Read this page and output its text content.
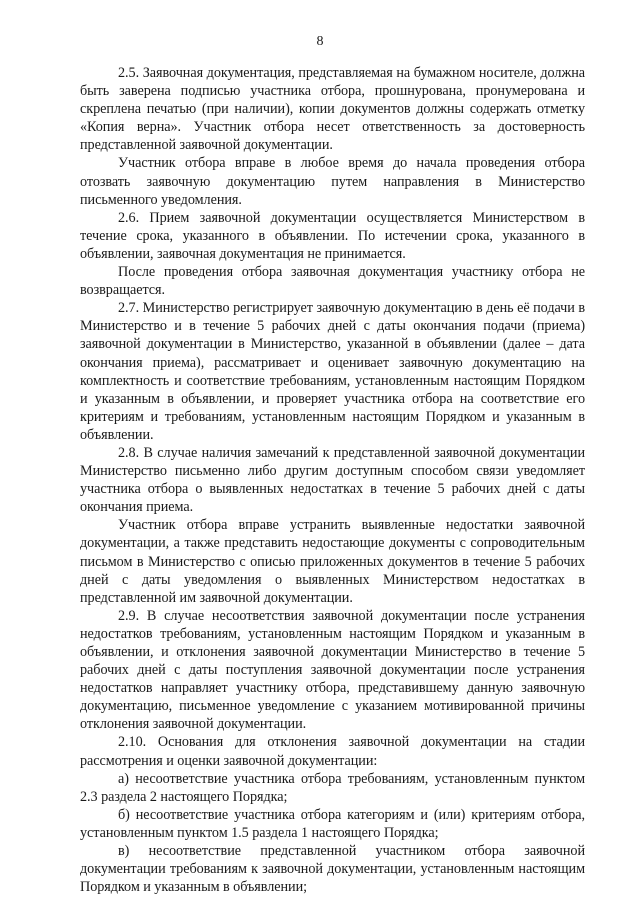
8

2.5. Заявочная документация, представляемая на бумажном носителе, должна быть заверена подписью участника отбора, прошнурована, пронумерована и скреплена печатью (при наличии), копии документов должны содержать отметку «Копия верна». Участник отбора несет ответственность за достоверность представленной заявочной документации.

Участник отбора вправе в любое время до начала проведения отбора отозвать заявочную документацию путем направления в Министерство письменного уведомления.

2.6. Прием заявочной документации осуществляется Министерством в течение срока, указанного в объявлении. По истечении срока, указанного в объявлении, заявочная документация не принимается.

После проведения отбора заявочная документация участнику отбора не возвращается.

2.7. Министерство регистрирует заявочную документацию в день её подачи в Министерство и в течение 5 рабочих дней с даты окончания подачи (приема) заявочной документации в Министерство, указанной в объявлении (далее – дата окончания приема), рассматривает и оценивает заявочную документацию на комплектность и соответствие требованиям, установленным настоящим Порядком и указанным в объявлении, и проверяет участника отбора на соответствие его критериям и требованиям, установленным настоящим Порядком и указанным в объявлении.

2.8. В случае наличия замечаний к представленной заявочной документации Министерство письменно либо другим доступным способом связи уведомляет участника отбора о выявленных недостатках в течение 5 рабочих дней с даты окончания приема.

Участник отбора вправе устранить выявленные недостатки заявочной документации, а также представить недостающие документы с сопроводительным письмом в Министерство с описью приложенных документов в течение 5 рабочих дней с даты уведомления о выявленных Министерством недостатках в представленной им заявочной документации.

2.9. В случае несоответствия заявочной документации после устранения недостатков требованиям, установленным настоящим Порядком и указанным в объявлении, и отклонения заявочной документации Министерство в течение 5 рабочих дней с даты поступления заявочной документации после устранения недостатков направляет участнику отбора, представившему данную заявочную документацию, письменное уведомление с указанием мотивированной причины отклонения заявочной документации.

2.10. Основания для отклонения заявочной документации на стадии рассмотрения и оценки заявочной документации:

а) несоответствие участника отбора требованиям, установленным пунктом 2.3 раздела 2 настоящего Порядка;

б) несоответствие участника отбора категориям и (или) критериям отбора, установленным пунктом 1.5 раздела 1 настоящего Порядка;

в) несоответствие представленной участником отбора заявочной документации требованиям к заявочной документации, установленным настоящим Порядком и указанным в объявлении;
